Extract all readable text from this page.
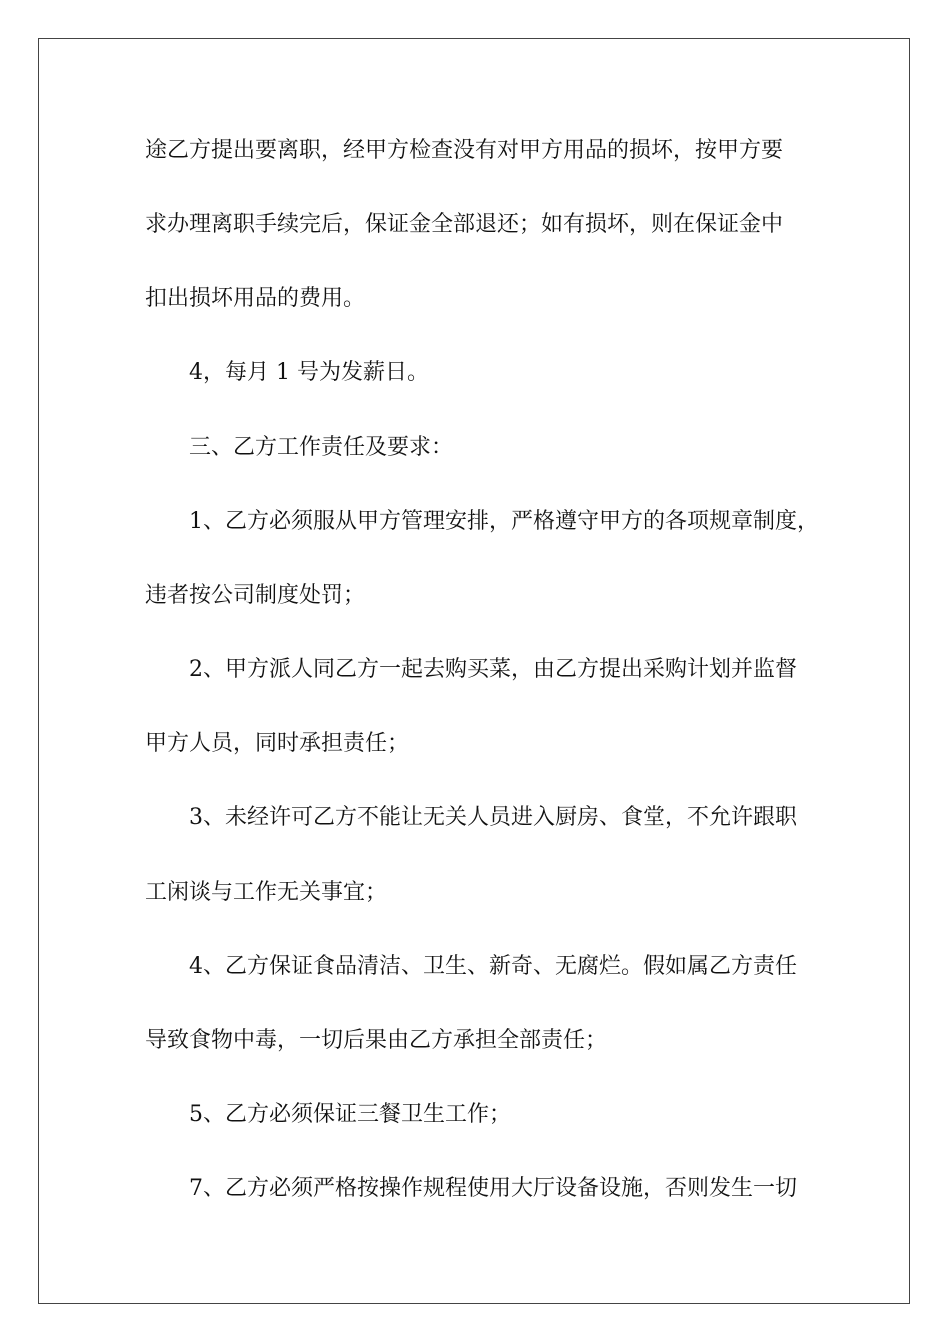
途乙方提出要离职，经甲方检查没有对甲方用品的损坏，按甲方要
求办理离职手续完后，保证金全部退还；如有损坏，则在保证金中
扣出损坏用品的费用。
4，每月 1 号为发薪日。
三、乙方工作责任及要求：
1、乙方必须服从甲方管理安排，严格遵守甲方的各项规章制度，
违者按公司制度处罚；
2、甲方派人同乙方一起去购买菜，由乙方提出采购计划并监督
甲方人员，同时承担责任；
3、未经许可乙方不能让无关人员进入厨房、食堂，不允许跟职
工闲谈与工作无关事宜；
4、乙方保证食品清洁、卫生、新奇、无腐烂。假如属乙方责任
导致食物中毒，一切后果由乙方承担全部责任；
5、乙方必须保证三餐卫生工作；
7、乙方必须严格按操作规程使用大厅设备设施，否则发生一切
